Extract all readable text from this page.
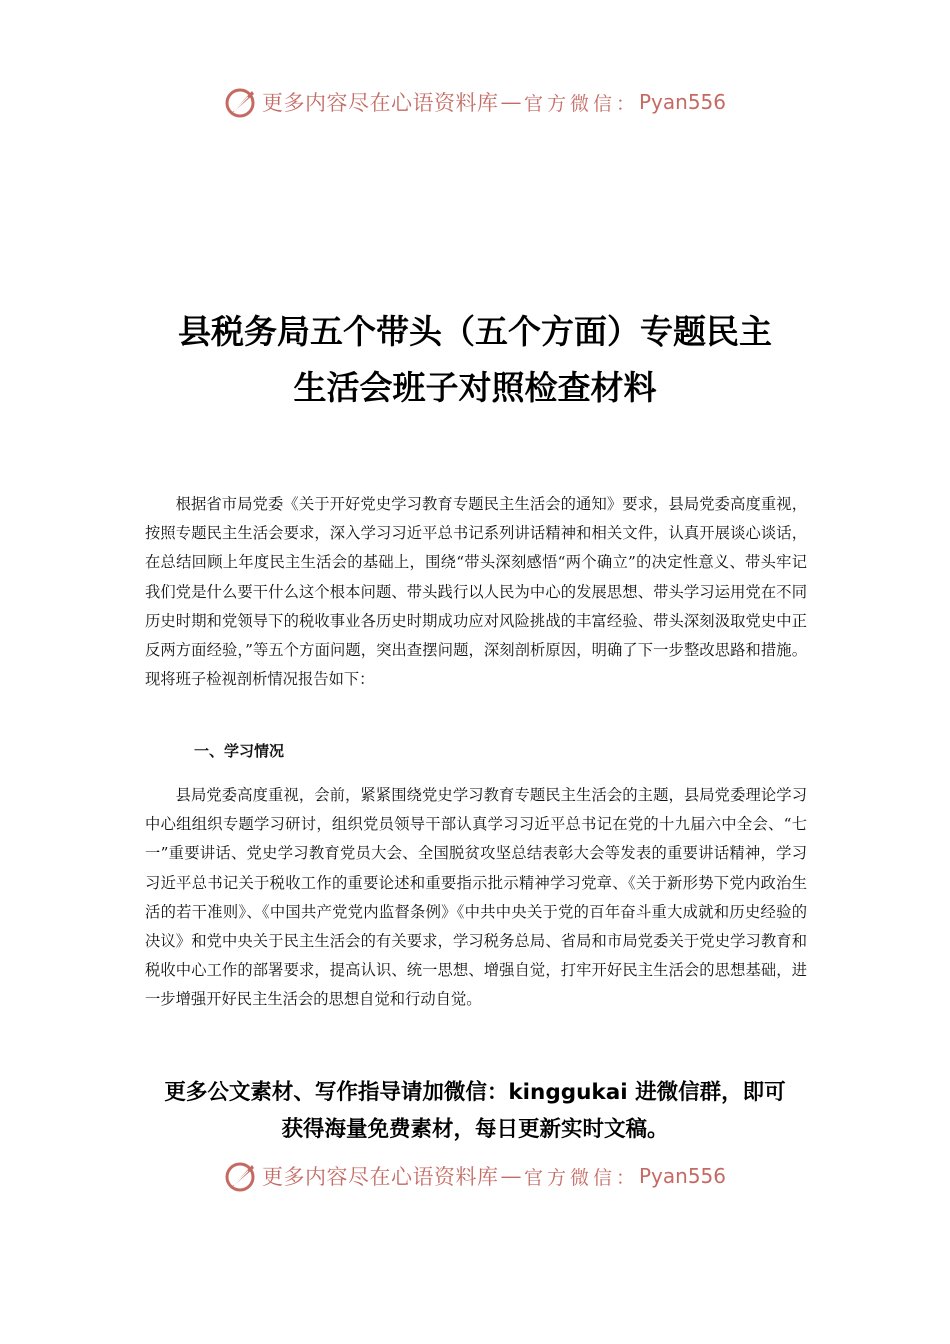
更多内容尽在心语资料库 — 官方微信： Pyan556
县税务局五个带头（五个方面）专题民主
生活会班子对照检查材料
根据省市局党委《关于开好党史学习教育专题民主生活会的通知》要求，县局党委高度重视，按照专题民主生活会要求，深入学习习近平总书记系列讲话精神和相关文件，认真开展谈心谈话，在总结回顾上年度民主生活会的基础上，围绕“带头深刻感悟“两个确立”的决定性意义、带头牢记我们党是什么要干什么这个根本问题、带头践行以人民为中心的发展思想、带头学习运用党在不同历史时期和党领导下的税收事业各历史时期成功应对风险挑战的丰富经验、带头深刻汲取党史中正反两方面经验，”等五个方面问题，突出查摆问题，深刻剖析原因，明确了下一步整改思路和措施。现将班子检视剖析情况报告如下：
一、学习情况
县局党委高度重视，会前，紧紧围绕党史学习教育专题民主生活会的主题，县局党委理论学习中心组组织专题学习研讨，组织党员领导干部认真学习习近平总书记在党的十九届六中全会、“七一”重要讲话、党史学习教育党员大会、全国脱贫攻坚总结表彰大会等发表的重要讲话精神，学习习近平总书记关于税收工作的重要论述和重要指示批示精神学习党章、《关于新形势下党内政治生活的若干准则》、《中国共产党党内监督条例》《中共中央关于党的百年奋斗重大成就和历史经验的决议》和党中央关于民主生活会的有关要求，学习税务总局、省局和市局党委关于党史学习教育和税收中心工作的部署要求，提高认识、统一思想、增强自觉，打牢开好民主生活会的思想基础，进一步增强开好民主生活会的思想自觉和行动自觉。
更多公文素材、写作指导请加微信：kinggukai 进微信群，即可
获得海量免费素材，每日更新实时文稿。
更多内容尽在心语资料库 — 官方微信： Pyan556
